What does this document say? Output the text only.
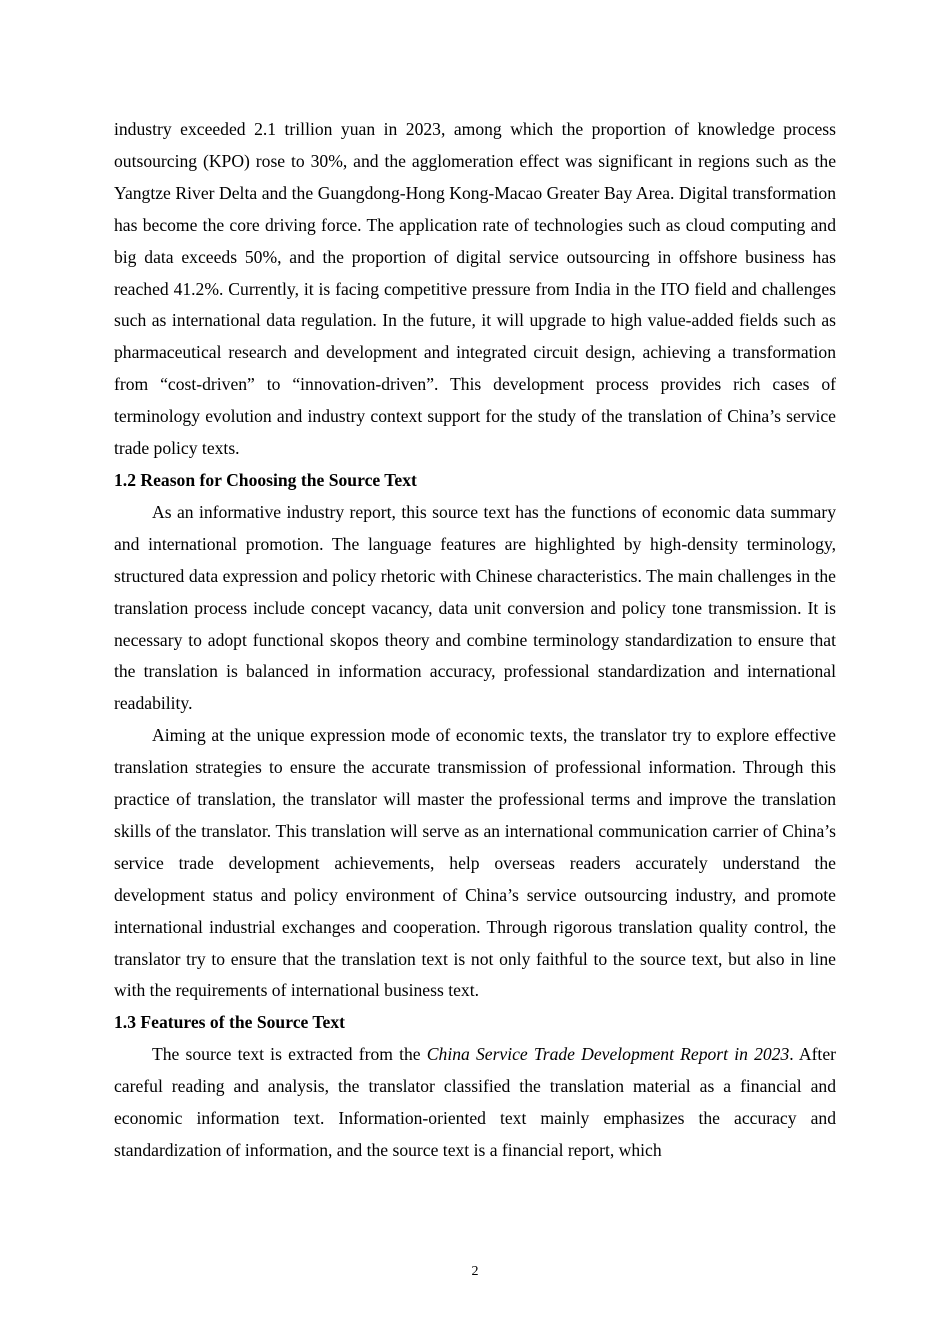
industry exceeded 2.1 trillion yuan in 2023, among which the proportion of knowledge process outsourcing (KPO) rose to 30%, and the agglomeration effect was significant in regions such as the Yangtze River Delta and the Guangdong-Hong Kong-Macao Greater Bay Area. Digital transformation has become the core driving force. The application rate of technologies such as cloud computing and big data exceeds 50%, and the proportion of digital service outsourcing in offshore business has reached 41.2%. Currently, it is facing competitive pressure from India in the ITO field and challenges such as international data regulation. In the future, it will upgrade to high value-added fields such as pharmaceutical research and development and integrated circuit design, achieving a transformation from “cost-driven” to “innovation-driven”. This development process provides rich cases of terminology evolution and industry context support for the study of the translation of China’s service trade policy texts.

1.2 Reason for Choosing the Source Text

As an informative industry report, this source text has the functions of economic data summary and international promotion. The language features are highlighted by high-density terminology, structured data expression and policy rhetoric with Chinese characteristics. The main challenges in the translation process include concept vacancy, data unit conversion and policy tone transmission. It is necessary to adopt functional skopos theory and combine terminology standardization to ensure that the translation is balanced in information accuracy, professional standardization and international readability.

Aiming at the unique expression mode of economic texts, the translator try to explore effective translation strategies to ensure the accurate transmission of professional information. Through this practice of translation, the translator will master the professional terms and improve the translation skills of the translator. This translation will serve as an international communication carrier of China’s service trade development achievements, help overseas readers accurately understand the development status and policy environment of China’s service outsourcing industry, and promote international industrial exchanges and cooperation. Through rigorous translation quality control, the translator try to ensure that the translation text is not only faithful to the source text, but also in line with the requirements of international business text.

1.3 Features of the Source Text

The source text is extracted from the China Service Trade Development Report in 2023. After careful reading and analysis, the translator classified the translation material as a financial and economic information text. Information-oriented text mainly emphasizes the accuracy and standardization of information, and the source text is a financial report, which

2
